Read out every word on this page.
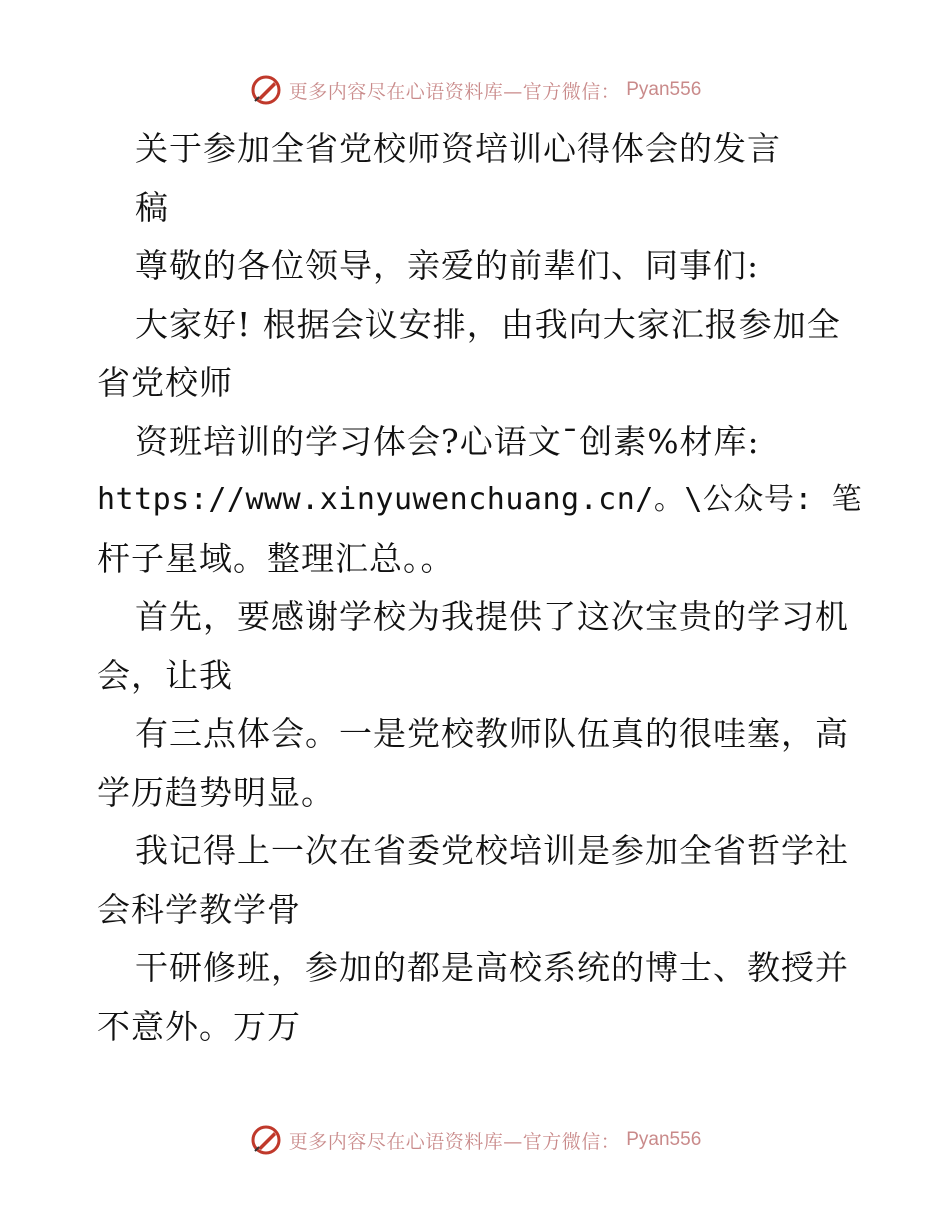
更多内容尽在心语资料库—官方微信： Pyan556
关于参加全省党校师资培训心得体会的发言
稿
尊敬的各位领导，亲爱的前辈们、同事们:
大家好! 根据会议安排，由我向大家汇报参加全
省党校师
资班培训的学习体会?心语文¯创素%材库:
https://www.xinyuwenchuang.cn/。\公众号: 笔
杆子星域。整理汇总。。
首先，要感谢学校为我提供了这次宝贵的学习机
会，让我
有三点体会。一是党校教师队伍真的很哇塞，高
学历趋势明显。
我记得上一次在省委党校培训是参加全省哲学社
会科学教学骨
干研修班，参加的都是高校系统的博士、教授并
不意外。万万
更多内容尽在心语资料库—官方微信： Pyan556
